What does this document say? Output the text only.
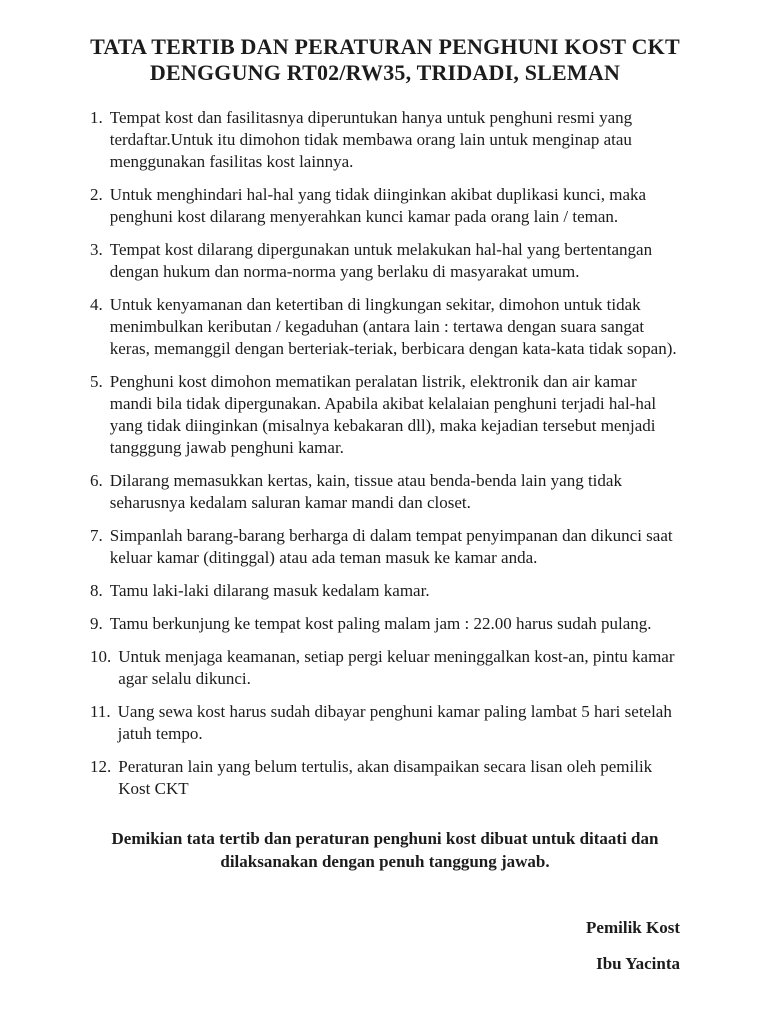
TATA TERTIB DAN PERATURAN PENGHUNI KOST CKT
DENGGUNG RT02/RW35, TRIDADI, SLEMAN
1. Tempat kost dan fasilitasnya diperuntukan hanya untuk penghuni resmi yang terdaftar.Untuk itu dimohon tidak membawa orang lain untuk menginap atau menggunakan fasilitas kost lainnya.
2. Untuk menghindari hal-hal yang tidak diinginkan akibat duplikasi kunci, maka penghuni kost dilarang menyerahkan kunci kamar pada orang lain / teman.
3. Tempat kost dilarang dipergunakan untuk melakukan hal-hal yang bertentangan dengan hukum dan norma-norma yang berlaku di masyarakat umum.
4. Untuk kenyamanan dan ketertiban di lingkungan sekitar, dimohon untuk tidak menimbulkan keributan / kegaduhan (antara lain : tertawa dengan suara sangat keras, memanggil dengan berteriak-teriak, berbicara dengan kata-kata tidak sopan).
5. Penghuni kost dimohon mematikan peralatan listrik, elektronik dan air kamar mandi bila tidak dipergunakan. Apabila akibat kelalaian penghuni terjadi hal-hal yang tidak diinginkan (misalnya kebakaran dll), maka kejadian tersebut menjadi tangggung jawab penghuni kamar.
6. Dilarang memasukkan kertas, kain, tissue atau benda-benda lain yang tidak seharusnya kedalam saluran kamar mandi dan closet.
7. Simpanlah barang-barang berharga di dalam tempat penyimpanan dan dikunci saat keluar kamar (ditinggal) atau ada teman masuk ke kamar anda.
8. Tamu laki-laki dilarang masuk kedalam kamar.
9. Tamu berkunjung ke tempat kost paling malam jam : 22.00 harus sudah pulang.
10. Untuk menjaga keamanan, setiap pergi keluar meninggalkan kost-an, pintu kamar agar selalu dikunci.
11. Uang sewa kost harus sudah dibayar penghuni kamar paling lambat 5 hari setelah jatuh tempo.
12. Peraturan lain yang belum tertulis, akan disampaikan secara lisan oleh pemilik Kost CKT

Demikian tata tertib dan peraturan penghuni kost dibuat untuk ditaati dan dilaksanakan dengan penuh tanggung jawab.

Pemilik Kost

Ibu Yacinta
